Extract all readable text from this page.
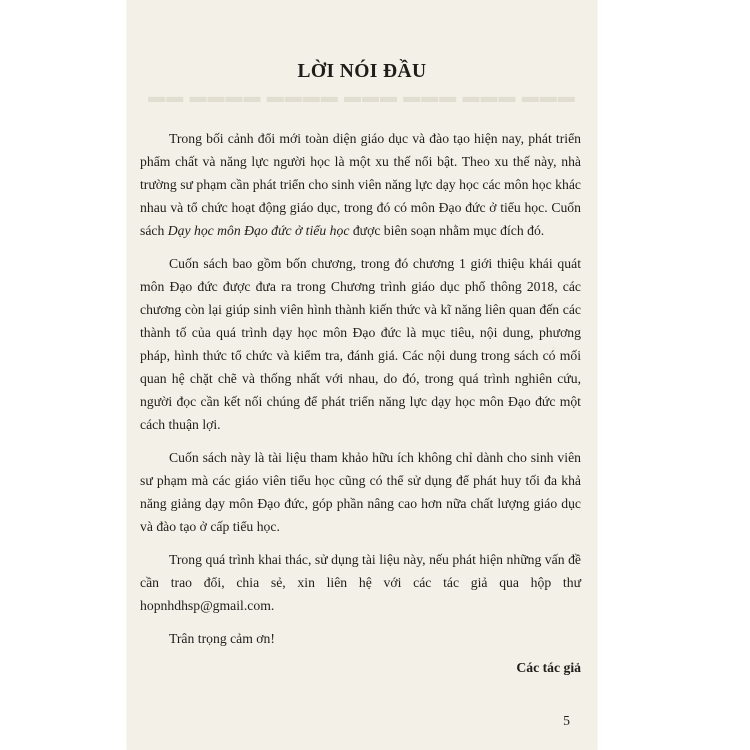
▬▬ ▬▬▬▬ ▬▬▬▬ ▬▬▬ ▬▬▬ ▬▬▬ ▬▬▬
LỜI NÓI ĐẦU

Trong bối cảnh đổi mới toàn diện giáo dục và đào tạo hiện nay, phát triển phẩm chất và năng lực người học là một xu thế nổi bật. Theo xu thế này, nhà trường sư phạm cần phát triển cho sinh viên năng lực dạy học các môn học khác nhau và tổ chức hoạt động giáo dục, trong đó có môn Đạo đức ở tiểu học. Cuốn sách Dạy học môn Đạo đức ở tiểu học được biên soạn nhằm mục đích đó.

Cuốn sách bao gồm bốn chương, trong đó chương 1 giới thiệu khái quát môn Đạo đức được đưa ra trong Chương trình giáo dục phổ thông 2018, các chương còn lại giúp sinh viên hình thành kiến thức và kĩ năng liên quan đến các thành tố của quá trình dạy học môn Đạo đức là mục tiêu, nội dung, phương pháp, hình thức tổ chức và kiểm tra, đánh giá. Các nội dung trong sách có mối quan hệ chặt chẽ và thống nhất với nhau, do đó, trong quá trình nghiên cứu, người đọc cần kết nối chúng để phát triển năng lực dạy học môn Đạo đức một cách thuận lợi.

Cuốn sách này là tài liệu tham khảo hữu ích không chỉ dành cho sinh viên sư phạm mà các giáo viên tiểu học cũng có thể sử dụng để phát huy tối đa khả năng giảng dạy môn Đạo đức, góp phần nâng cao hơn nữa chất lượng giáo dục và đào tạo ở cấp tiểu học.

Trong quá trình khai thác, sử dụng tài liệu này, nếu phát hiện những vấn đề cần trao đổi, chia sẻ, xin liên hệ với các tác giả qua hộp thư hopnhdhsp@gmail.com.

Trân trọng cảm ơn!

Các tác giả
5
